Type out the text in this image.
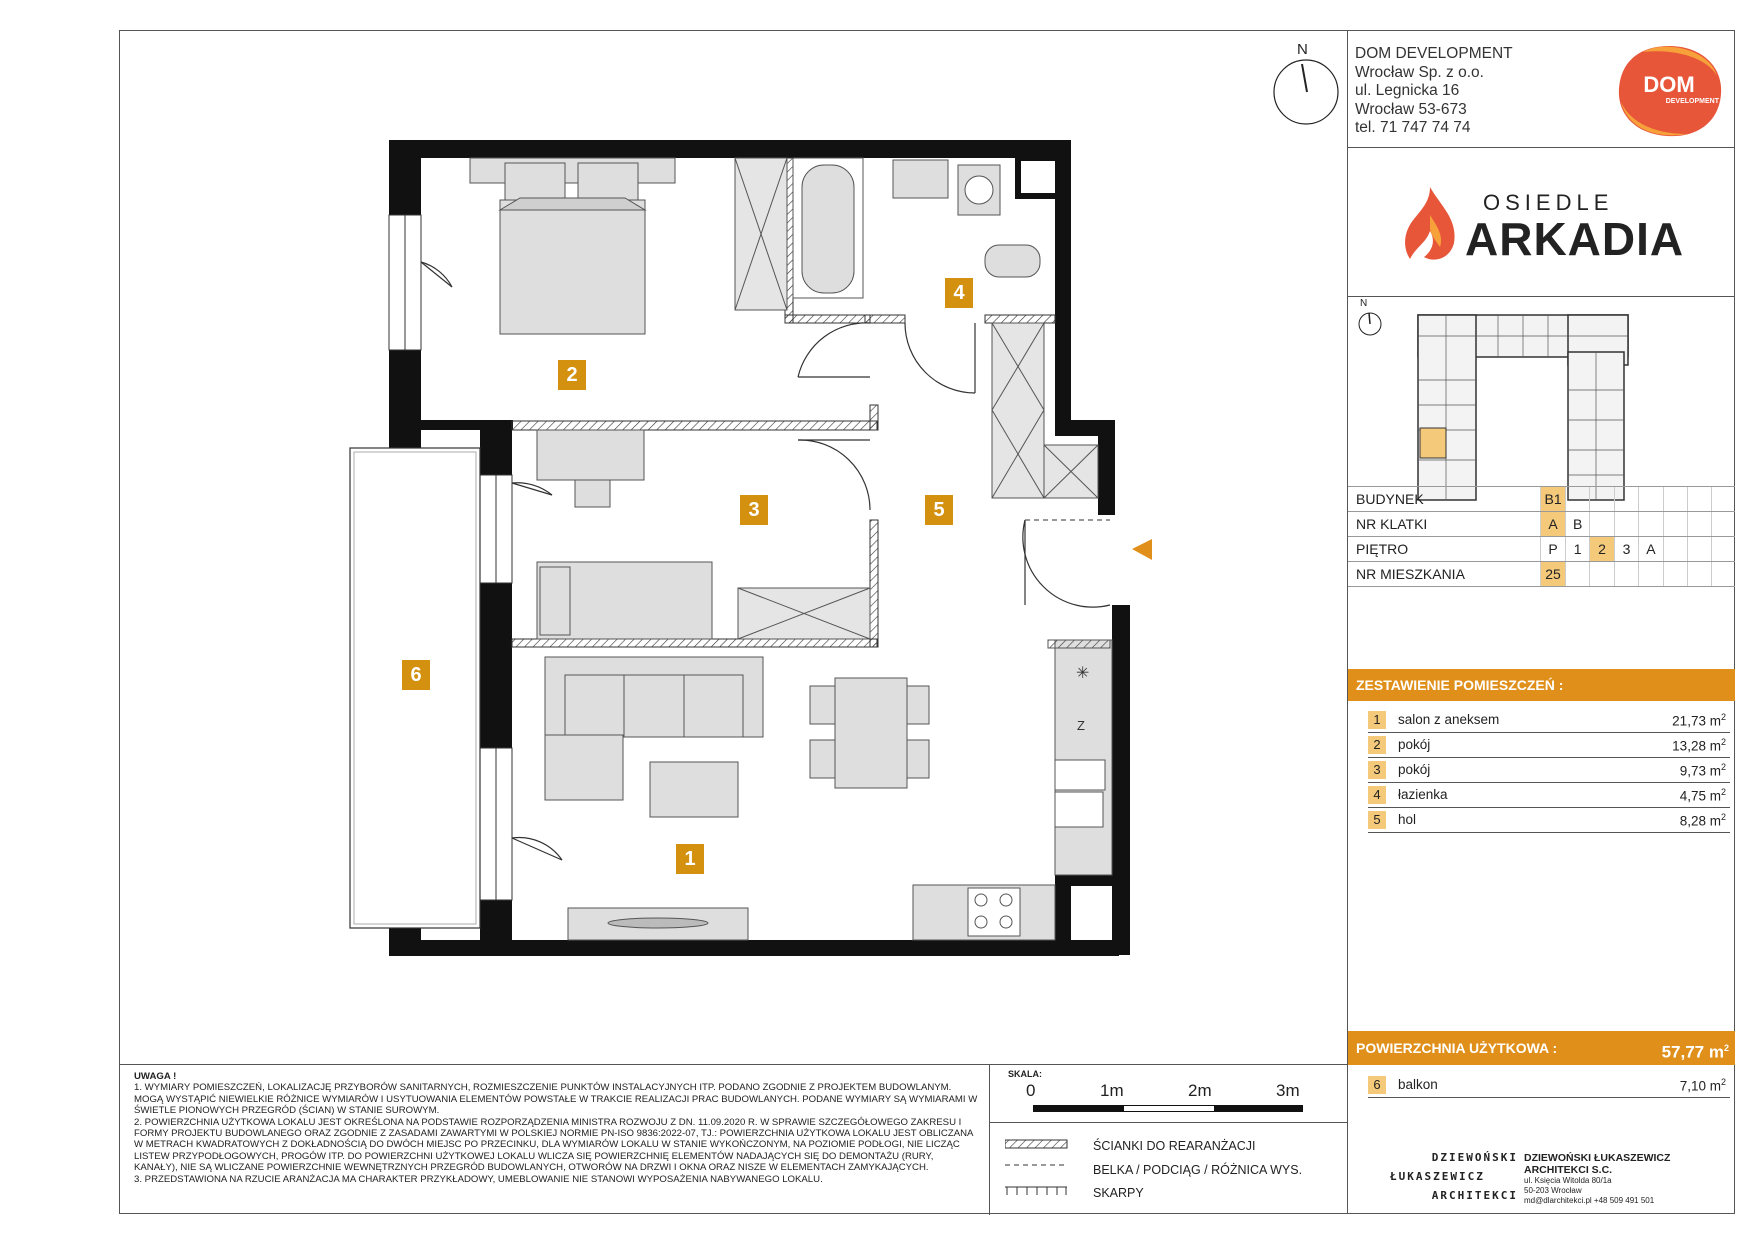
N
✳
Z
1
2
3
4
5
6
DOM DEVELOPMENT
Wrocław Sp. z o.o.
ul. Legnicka 16
Wrocław 53-673
tel. 71 747 74 74
DOM
DEVELOPMENT
OSIEDLE
ARKADIA
N
BUDYNEK	B1							
NR KLATKI	A	B						
PIĘTRO	P	1	2	3	A			
NR MIESZKANIA	25							
ZESTAWIENIE POMIESZCZEŃ :
1	salon z aneksem	21,73 $m^2$
2	pokój	13,28 $m^2$
3	pokój	9,73 $m^2$
4	łazienka	4,75 $m^2$
5	hol	8,28 $m^2$
POWIERZCHNIA UŻYTKOWA :	57,77 $m^2$
6	balkon	7,10 $m^2$
DZIEWOŃSKI
ŁUKASZEWICZ
ARCHITEKCI
DZIEWOŃSKI ŁUKASZEWICZ
ARCHITEKCI S.C.
ul. Księcia Witolda 80/1a
50-203 Wrocław
md@dlarchitekci.pl +48 509 491 501

UWAGA !

1. WYMIARY POMIESZCZEŃ, LOKALIZACJĘ PRZYBORÓW SANITARNYCH, ROZMIESZCZENIE PUNKTÓW INSTALACYJNYCH ITP. PODANO ZGODNIE Z PROJEKTEM BUDOWLANYM. MOGĄ WYSTĄPIĆ NIEWIELKIE RÓŻNICE WYMIARÓW I USYTUOWANIA ELEMENTÓW POWSTAŁE W TRAKCIE REALIZACJI PRAC BUDOWLANYCH. PODANE WYMIARY SĄ WYMIARAMI W ŚWIETLE PIONOWYCH PRZEGRÓD (ŚCIAN) W STANIE SUROWYM.
2. POWIERZCHNIA UŻYTKOWA LOKALU JEST OKREŚLONA NA PODSTAWIE ROZPORZĄDZENIA MINISTRA ROZWOJU Z DN. 11.09.2020 R. W SPRAWIE SZCZEGÓŁOWEGO ZAKRESU I FORMY PROJEKTU BUDOWLANEGO ORAZ ZGODNIE Z ZASADAMI ZAWARTYMI W POLSKIEJ NORMIE PN-ISO 9836:2022-07, TJ.: POWIERZCHNIA UŻYTKOWA LOKALU JEST OBLICZANA W METRACH KWADRATOWYCH Z DOKŁADNOŚCIĄ DO DWÓCH MIEJSC PO PRZECINKU, DLA WYMIARÓW LOKALU W STANIE WYKOŃCZONYM, NA POZIOMIE PODŁOGI, NIE LICZĄC LISTEW PRZYPODŁOGOWYCH, PROGÓW ITP. DO POWIERZCHNI UŻYTKOWEJ LOKALU WLICZA SIĘ POWIERZCHNIĘ ELEMENTÓW NADAJĄCYCH SIĘ DO DEMONTAŻU (RURY, KANAŁY), NIE SĄ WLICZANE POWIERZCHNIE WEWNĘTRZNYCH PRZEGRÓD BUDOWLANYCH, OTWORÓW NA DRZWI I OKNA ORAZ NISZE W ELEMENTACH ZAMYKAJĄCYCH.
3. PRZEDSTAWIONA NA RZUCIE ARANŻACJA MA CHARAKTER PRZYKŁADOWY, UMEBLOWANIE NIE STANOWI WYPOSAŻENIA NABYWANEGO LOKALU.

SKALA:
0	1m	2m	3m
ŚCIANKI DO REARANŻACJI
BELKA / PODCIĄG / RÓŻNICA WYS.
SKARPY
